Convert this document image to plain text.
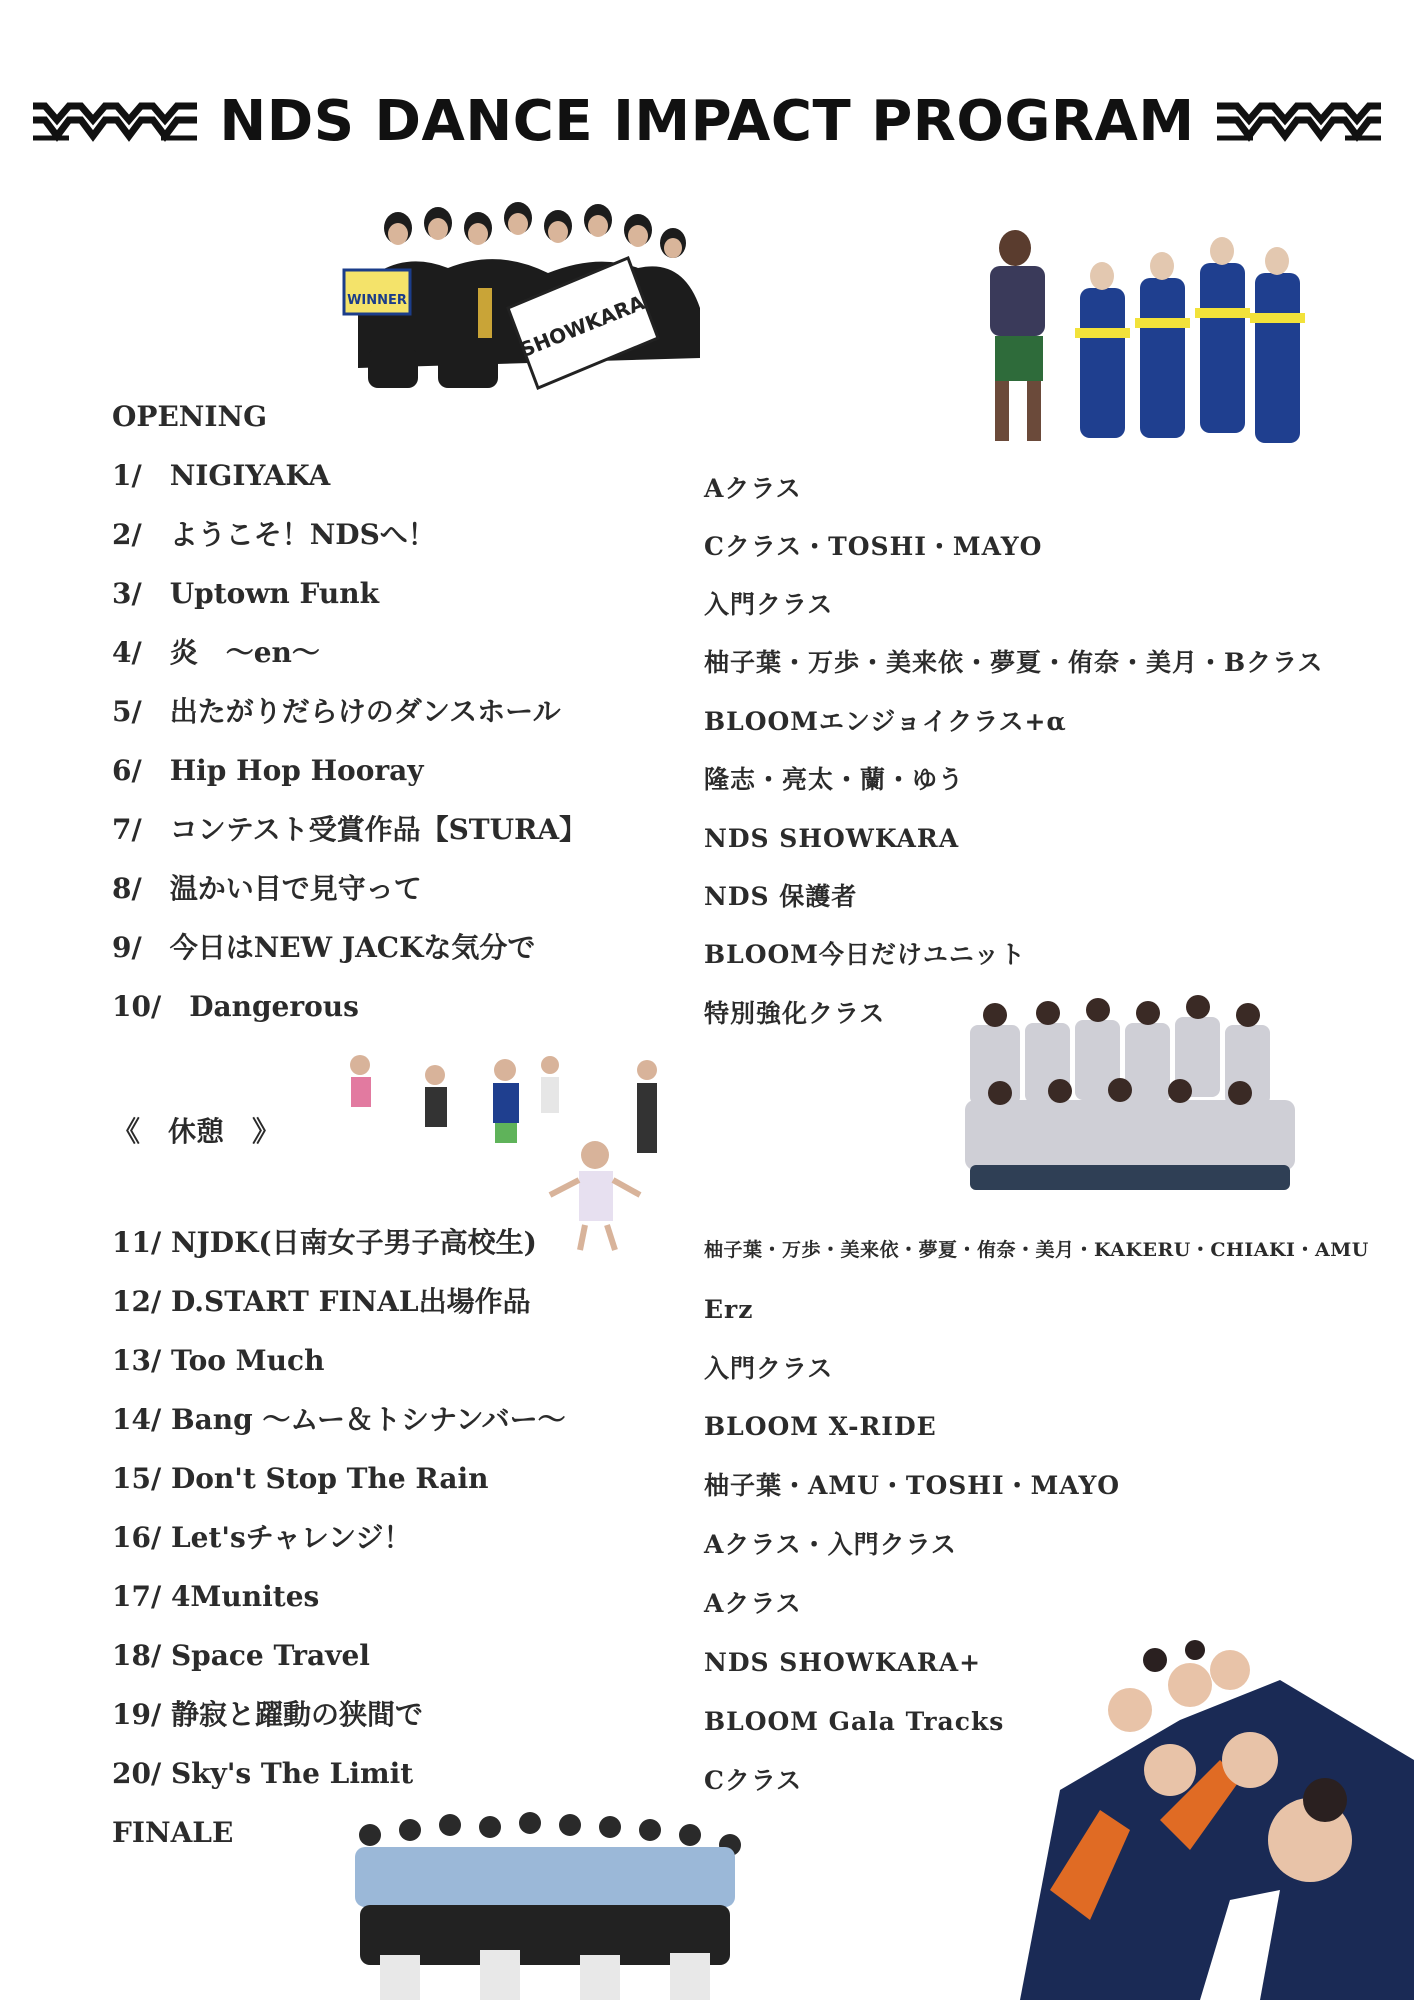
NDS DANCE IMPACT PROGRAM
WINNER	SHOWKARA
OPENING
1/　NIGIYAKA
2/　ようこそ！NDSへ！
3/　Uptown Funk
4/　炎　〜en〜
5/　出たがりだらけのダンスホール
6/　Hip Hop Hooray
7/　コンテスト受賞作品【STURA】
8/　温かい目で見守って
9/　今日はNEW JACKな気分で
10/　Dangerous
《　休憩　》
11/ NJDK(日南女子男子高校生)
12/ D.START FINAL出場作品
13/ Too Much
14/ Bang 〜ムー＆トシナンバー〜
15/ Don't Stop The Rain
16/ Let'sチャレンジ！
17/ 4Munites
18/ Space Travel
19/ 静寂と躍動の狭間で
20/ Sky's The Limit
FINALE
Aクラス
Cクラス・TOSHI・MAYO
入門クラス
柚子葉・万歩・美来依・夢夏・侑奈・美月・Bクラス
BLOOMエンジョイクラス+α
隆志・亮太・蘭・ゆう
NDS SHOWKARA
NDS 保護者
BLOOM今日だけユニット
特別強化クラス
柚子葉・万歩・美来依・夢夏・侑奈・美月・KAKERU・CHIAKI・AMU
Erz
入門クラス
BLOOM X-RIDE
柚子葉・AMU・TOSHI・MAYO
Aクラス・入門クラス
Aクラス
NDS SHOWKARA+
BLOOM Gala Tracks
Cクラス
